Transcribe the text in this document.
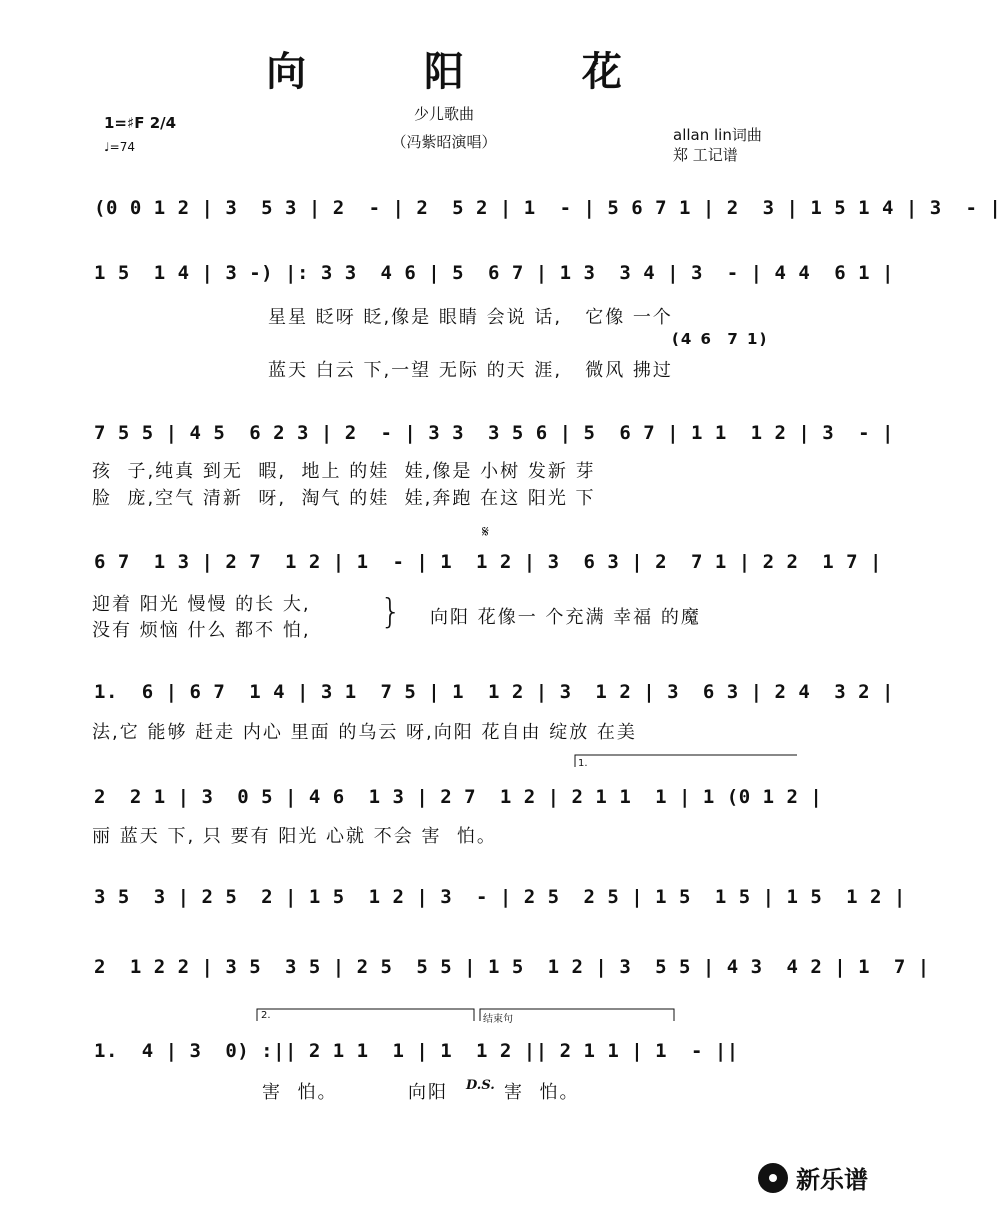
向 阳 花
少儿歌曲
（冯紫昭演唱）
1=♯F 2/4
♩=74
allan lin词曲
郑 工记谱
(0 0 1 2 | 3  5 3 | 2  - | 2  5 2 | 1  - | 5 6 7 1 | 2  3 | 1 5 1 4 | 3  - |
1 5  1 4 | 3 -) |: 3 3  4 6 | 5  6 7 | 1 3  3 4 | 3  - | 4 4  6 1 |
星星 眨呀 眨,像是 眼睛 会说 话,   它像 一个
(4 6  7 1)
蓝天 白云 下,一望 无际 的天 涯,   微风 拂过
7 5 5 | 4 5  6 2 3 | 2  - | 3 3  3 5 6 | 5  6 7 | 1 1  1 2 | 3  - |
孩  子,纯真 到无  暇,  地上 的娃  娃,像是 小树 发新 芽
脸  庞,空气 清新  呀,  淘气 的娃  娃,奔跑 在这 阳光 下
𝄋
6 7  1 3 | 2 7  1 2 | 1  - | 1  1 2 | 3  6 3 | 2  7 1 | 2 2  1 7 |
迎着 阳光 慢慢 的长 大,
没有 烦恼 什么 都不 怕, } 向阳 花像一 个充满 幸福 的魔
1.  6 | 6 7  1 4 | 3 1  7 5 | 1  1 2 | 3  1 2 | 3  6 3 | 2 4  3 2 |
法,它 能够 赶走 内心 里面 的乌云 呀,向阳 花自由 绽放 在美
1.
2  2 1 | 3  0 5 | 4 6  1 3 | 2 7  1 2 | 2 1 1  1 | 1 (0 1 2 |
丽 蓝天 下, 只 要有 阳光 心就 不会 害  怕。
3 5  3 | 2 5  2 | 1 5  1 2 | 3  - | 2 5  2 5 | 1 5  1 5 | 1 5  1 2 |
2  1 2 2 | 3 5  3 5 | 2 5  5 5 | 1 5  1 2 | 3  5 5 | 4 3  4 2 | 1  7 |
2.	结束句
1.  4 | 3  0) :|| 2 1 1  1 | 1  1 2 || 2 1 1 | 1  - ||
害  怕。	向阳 D.S. 害  怕。
新乐谱
